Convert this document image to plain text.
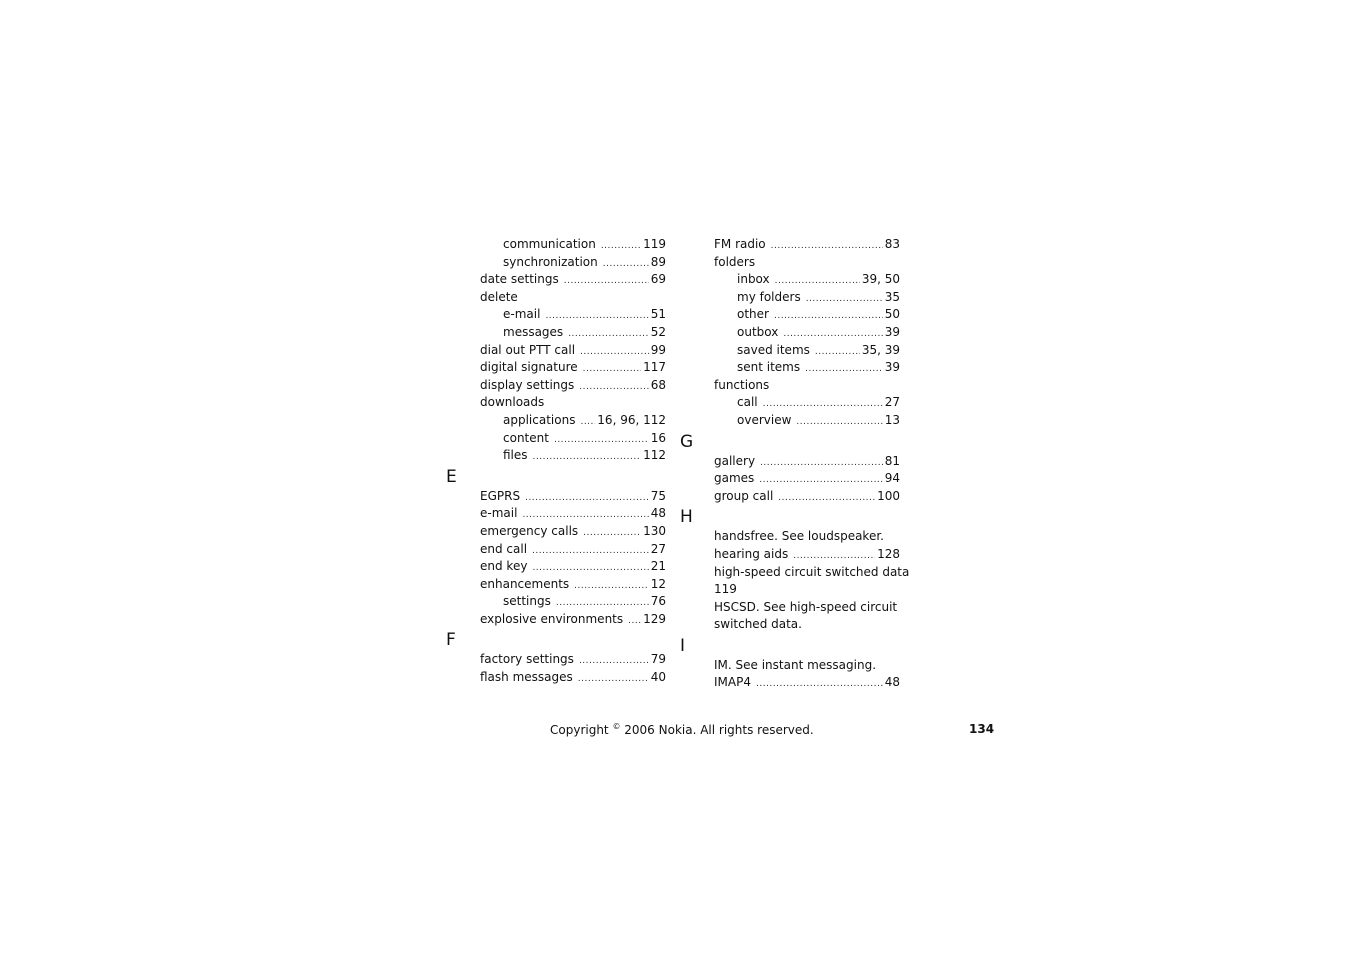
communication .....	119
synchronization .....	89
date settings .....	69
delete
e-mail .....	51
messages .....	52
dial out PTT call .....	99
digital signature .....	117
display settings .....	68
downloads
applications ..... 16, 96, 112
content .....	16
files .....	112
E
EGPRS .....	75
e-mail .....	48
emergency calls .....	130
end call .....	27
end key .....	21
enhancements .....	12
settings .....	76
explosive environments ..... 129
F
factory settings .....	79
flash messages .....	40
FM radio .....	83
folders
inbox .....	39, 50
my folders .....	35
other .....	50
outbox .....	39
saved items .....	35, 39
sent items .....	39
functions
call .....	27
overview .....	13
G
gallery .....	81
games .....	94
group call .....	100
H
handsfree. See loudspeaker.
hearing aids .....	128
high-speed circuit switched data
119
HSCSD. See high-speed circuit
switched data.
I
IM. See instant messaging.
IMAP4 .....	48
Copyright © 2006 Nokia. All rights reserved.	134
